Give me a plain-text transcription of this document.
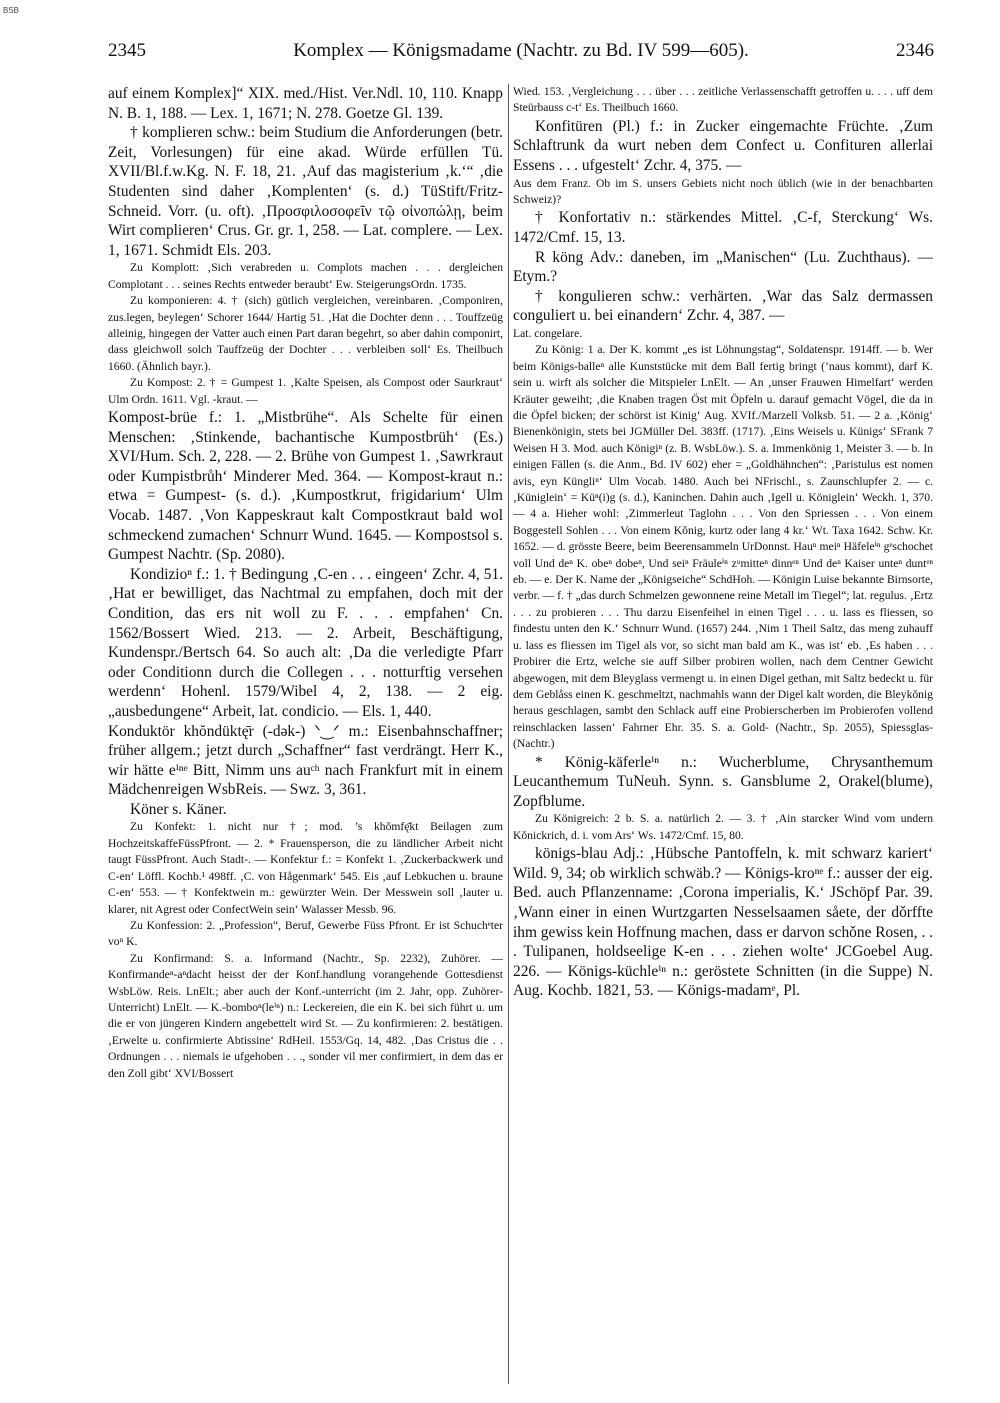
BSB
2345	Komplex — Königsmadame (Nachtr. zu Bd. IV 599—605).	2346

auf einem Komplex]“ XIX. med./Hist. Ver.Ndl. 10, 110. Knapp N. B. 1, 188. — Lex. 1, 1671; N. 278. Goetze Gl. 139.

† komplieren schw.: beim Studium die Anforderungen (betr. Zeit, Vorlesungen) für eine akad. Würde erfüllen Tü. XVII/Bl.f.w.Kg. N. F. 18, 21. ‚Auf das magisterium ‚k.‘“ ‚die Studenten sind daher ‚Komplenten‘ (s. d.) TüStift/Fritz-Schneid. Vorr. (u. oft). ‚Προσφιλοσοφεῖν τῷ οἰνοπώλῃ, beim Wirt complieren‘ Crus. Gr. gr. 1, 258. — Lat. complere. — Lex. 1, 1671. Schmidt Els. 203.

Zu Komplott: ‚Sich verabreden u. Complots machen . . . dergleichen Complotant . . . seines Rechts entweder beraubt‘ Ew. SteigerungsOrdn. 1735.

Zu komponieren: 4. † (sich) gütlich vergleichen, vereinbaren. ‚Componiren, zus.legen, beylegen‘ Schorer 1644/ Hartig 51. ‚Hat die Dochter denn . . . Touffzeüg alleinig, hingegen der Vatter auch einen Part daran begehrt, so aber dahin componirt, dass gleichwoll solch Tauffzeüg der Dochter . . . verbleiben soll‘ Es. Theilbuch 1660. (Ähnlich bayr.).

Zu Kompost: 2. † = Gumpest 1. ‚Kalte Speisen, als Compost oder Saurkraut‘ Ulm Ordn. 1611. Vgl. -kraut. —

Kompost-brüe f.: 1. „Mistbrühe“. Als Schelte für einen Menschen: ‚Stinkende, bachantische Kumpostbrüh‘ (Es.) XVI/Hum. Sch. 2, 228. — 2. Brühe von Gumpest 1. ‚Sawrkraut oder Kumpistbrůh‘ Minderer Med. 364. — Kompost-kraut n.: etwa = Gumpest- (s. d.). ‚Kumpostkrut, frigidarium‘ Ulm Vocab. 1487. ‚Von Kappeskraut kalt Compostkraut bald wol schmeckend zumachen‘ Schnurr Wund. 1645. — Kompostsol s. Gumpest Nachtr. (Sp. 2080).

Kondizioⁿ f.: 1. † Bedingung ‚C-en . . . eingeen‘ Zchr. 4, 51. ‚Hat er bewilliget, das Nachtmal zu empfahen, doch mit der Condition, das ers nit woll zu F. . . . empfahen‘ Cn. 1562/Bossert Wied. 213. — 2. Arbeit, Beschäftigung, Kundenspr./Bertsch 64. So auch alt: ‚Da die verledigte Pfarr oder Conditionn durch die Collegen . . . notturftig versehen werdenn‘ Hohenl. 1579/Wibel 4, 2, 138. — 2 eig. „ausbedungene“ Arbeit, lat. condicio. — Els. 1, 440.

Konduktör khŏndüktę̄r (-dǝk-) ᐠ‿ᐟ m.: Eisenbahnschaffner; früher allgem.; jetzt durch „Schaffner“ fast verdrängt. Herr K., wir hätte eⁱⁿᵉ Bitt, Nimm uns auᶜʰ nach Frankfurt mit in einem Mädchenreigen WsbReis. — Swz. 3, 361.

Köner s. Käner.

Zu Konfekt: 1. nicht nur †; mod. ’s khǒmfę̄kt Beilagen zum HochzeitskaffeFüssPfront. — 2. * Frauensperson, die zu ländlicher Arbeit nicht taugt FüssPfront. Auch Stadt-. — Konfektur f.: = Konfekt 1. ‚Zuckerbackwerk und C-en‘ Löffl. Kochb.¹ 498ff. ‚C. von Hågenmark‘ 545. Eis ‚auf Lebkuchen u. braune C-en‘ 553. — † Konfektwein m.: gewürzter Wein. Der Messwein soll ‚lauter u. klarer, nit Agrest oder ConfectWein sein‘ Walasser Messb. 96.

Zu Konfession: 2. „Profession“, Beruf, Gewerbe Füss Pfront. Er ist Schuchᵉter voⁿ K.

Zu Konfirmand: S. a. Informand (Nachtr., Sp. 2232), Zuhörer. — Konfirmandeⁿ-aⁿdacht heisst der der Konf.handlung vorangehende Gottesdienst WsbLöw. Reis. LnElt.; aber auch der Konf.-unterricht (im 2. Jahr, opp. Zuhörer-Unterricht) LnElt. — K.-bomboⁿ(leⁱⁿ) n.: Leckereien, die ein K. bei sich führt u. um die er von jüngeren Kindern angebettelt wird St. — Zu konfirmieren: 2. bestätigen. ‚Erwelte u. confirmierte Abtissine‘ RdHeil. 1553/Gq. 14, 482. ‚Das Cristus die . . Ordnungen . . . niemals ie ufgehoben . . ., sonder vil mer confirmiert, in dem das er den Zoll gibt‘ XVI/Bossert

Wied. 153. ‚Vergleichung . . . über . . . zeitliche Verlassenschafft getroffen u. . . . uff dem Steürbauss c-t‘ Es. Theilbuch 1660.

Konfitüren (Pl.) f.: in Zucker eingemachte Früchte. ‚Zum Schlaftrunk da wurt neben dem Confect u. Confituren allerlai Essens . . . ufgestelt‘ Zchr. 4, 375. —

Aus dem Franz. Ob im S. unsers Gebiets nicht noch üblich (wie in der benachbarten Schweiz)?

† Konfortativ n.: stärkendes Mittel. ‚C-f, Sterckung‘ Ws. 1472/Cmf. 15, 13.

R köng Adv.: daneben, im „Manischen“ (Lu. Zuchthaus). — Etym.?

† kongulieren schw.: verhärten. ‚War das Salz dermassen conguliert u. bei einandern‘ Zchr. 4, 387. —

Lat. congelare.

Zu König: 1 a. Der K. kommt „es ist Löhnungstag“, Soldatenspr. 1914ff. — b. Wer beim Königs-balleⁿ alle Kunststücke mit dem Ball fertig bringt (’naus kommt), darf K. sein u. wirft als solcher die Mitspieler LnElt. — An ‚unser Frauwen Himelfart‘ werden Kräuter geweiht; ‚die Knaben tragen Öst mit Öpfeln u. darauf gemacht Vögel, die da in die Öpfel bicken; der schörst ist Kinig‘ Aug. XVIf./Marzell Volksb. 51. — 2 a. ‚König‘ Bienenkönigin, stets bei JGMüller Del. 383ff. (1717). ‚Eins Weisels u. Künigs‘ SFrank 7 Weisen H 3. Mod. auch Königiⁿ (z. B. WsbLöw.). S. a. Immenkönig 1, Meister 3. — b. In einigen Fällen (s. die Anm., Bd. IV 602) eher = „Goldhähnchen“: ‚Paristulus est nomen avis, eyn Küngliⁿ‘ Ulm Vocab. 1480. Auch bei NFrischl., s. Zaunschlupfer 2. — c. ‚Küniglein‘ = Küⁿ(i)g (s. d.), Kaninchen. Dahin auch ‚Igell u. Königlein‘ Weckh. 1, 370. — 4 a. Hieher wohl: ‚Zimmerleut Taglohn . . . Von den Spriessen . . . Von einem Boggestell Sohlen . . . Von einem Kǒnig, kurtz oder lang 4 kr.‘ Wt. Taxa 1642. Schw. Kr. 1652. — d. grösste Beere, beim Beerensammeln UrDonnst. Hauⁿ meiⁿ Häfeleⁱⁿ gᵉschochet voll Und deⁿ K. obeⁿ dobeⁿ, Und seiⁿ Fräuleⁱⁿ zᵘmitteⁿ dinnᵉⁿ Und deⁿ Kaiser unteⁿ duntᵉⁿ eb. — e. Der K. Name der „Königseiche“ SchdHoh. — Königin Luise bekannte Birnsorte, verbr. — f. † „das durch Schmelzen gewonnene reine Metall im Tiegel“; lat. regulus. ‚Ertz . . . zu probieren . . . Thu darzu Eisenfeihel in einen Tigel . . . u. lass es fliessen, so findestu unten den K.‘ Schnurr Wund. (1657) 244. ‚Nim 1 Theil Saltz, das meng zuhauff u. lass es fliessen im Tigel als vor, so sicht man bald am K., was ist‘ eb. ‚Es haben . . . Probirer die Ertz, welche sie auff Silber probiren wollen, nach dem Centner Gewicht abgewogen, mit dem Bleyglass vermengt u. in einen Digel gethan, mit Saltz bedeckt u. für dem Geblåss einen K. geschmeltzt, nachmahls wann der Digel kalt worden, die Bleykǒnig heraus geschlagen, sambt den Schlack auff eine Probierscherben im Probierofen vollend reinschlacken lassen‘ Fahrner Ehr. 35. S. a. Gold- (Nachtr., Sp. 2055), Spiessglas- (Nachtr.)

* König-käferleⁱⁿ n.: Wucherblume, Chrysanthemum Leucanthemum TuNeuh. Synn. s. Gansblume 2, Orakel(blume), Zopfblume.

Zu Königreich: 2 b. S. a. natürlich 2. — 3. † ‚Ain starcker Wind vom undern Kǒnickrich, d. i. vom Ars‘ Ws. 1472/Cmf. 15, 80.

königs-blau Adj.: ‚Hübsche Pantoffeln, k. mit schwarz kariert‘ Wild. 9, 34; ob wirklich schwäb.? — Königs-kroⁿᵉ f.: ausser der eig. Bed. auch Pflanzenname: ‚Corona imperialis, K.‘ JSchöpf Par. 39. ‚Wann einer in einen Wurtzgarten Nesselsaamen såete, der dǒrffte ihm gewiss kein Hoffnung machen, dass er darvon schǒne Rosen, . . . Tulipanen, holdseelige K-en . . . ziehen wolte‘ JCGoebel Aug. 226. — Königs-küchleⁱⁿ n.: geröstete Schnitten (in die Suppe) N. Aug. Kochb. 1821, 53. — Königs-madamᵉ, Pl.
